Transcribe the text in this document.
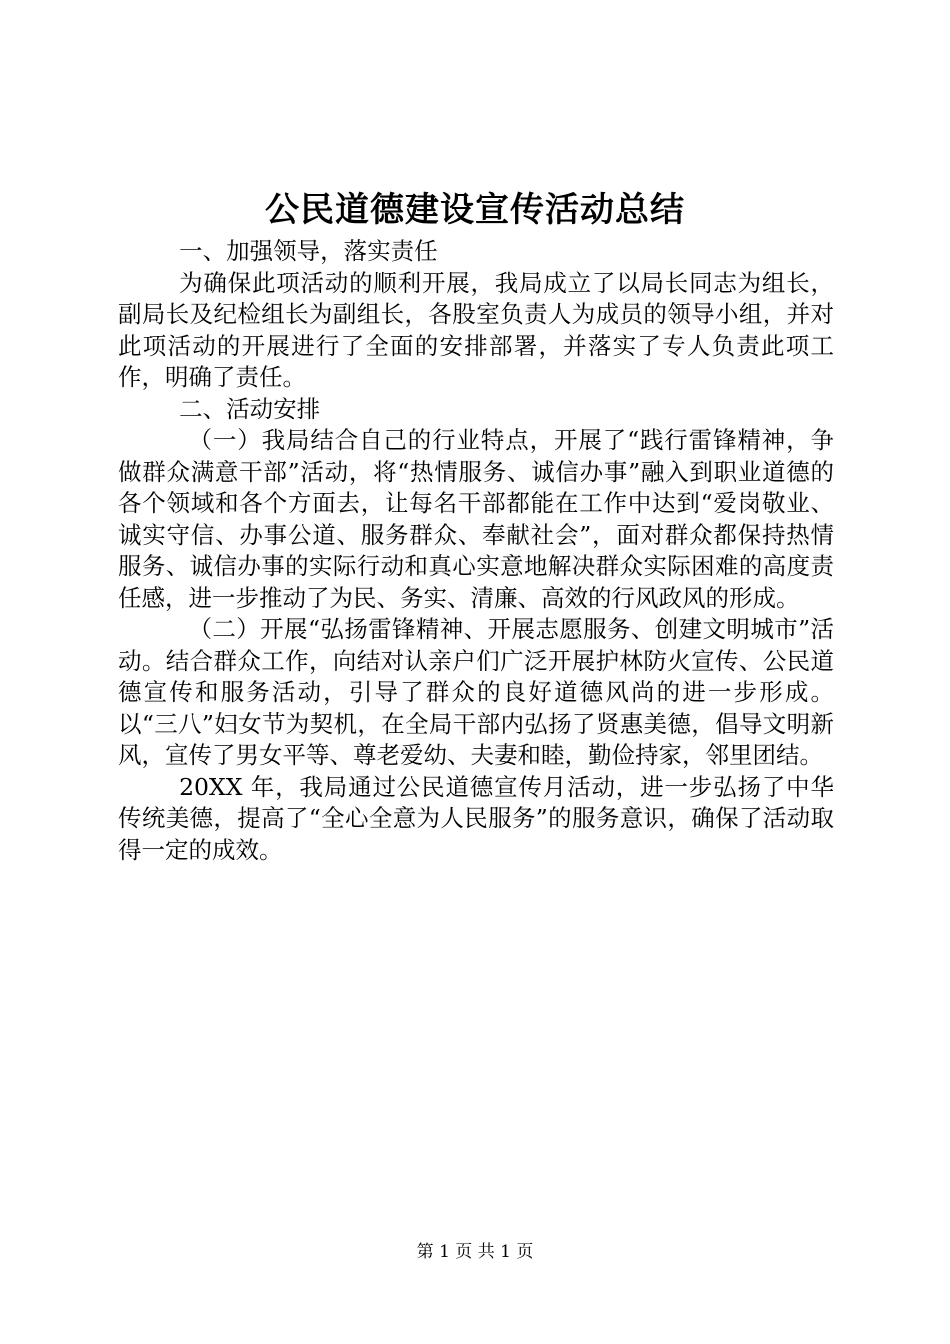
公民道德建设宣传活动总结

一、加强领导，落实责任

为确保此项活动的顺利开展，我局成立了以局长同志为组长，副局长及纪检组长为副组长，各股室负责人为成员的领导小组，并对此项活动的开展进行了全面的安排部署，并落实了专人负责此项工作，明确了责任。

二、活动安排

（一）我局结合自己的行业特点，开展了“践行雷锋精神，争做群众满意干部”活动，将“热情服务、诚信办事”融入到职业道德的各个领域和各个方面去，让每名干部都能在工作中达到“爱岗敬业、诚实守信、办事公道、服务群众、奉献社会”，面对群众都保持热情服务、诚信办事的实际行动和真心实意地解决群众实际困难的高度责任感，进一步推动了为民、务实、清廉、高效的行风政风的形成。

（二）开展“弘扬雷锋精神、开展志愿服务、创建文明城市”活动。结合群众工作，向结对认亲户们广泛开展护林防火宣传、公民道德宣传和服务活动，引导了群众的良好道德风尚的进一步形成。以“三八”妇女节为契机，在全局干部内弘扬了贤惠美德，倡导文明新风，宣传了男女平等、尊老爱幼、夫妻和睦，勤俭持家，邻里团结。

20XX 年，我局通过公民道德宣传月活动，进一步弘扬了中华传统美德，提高了“全心全意为人民服务”的服务意识，确保了活动取得一定的成效。

第 1 页 共 1 页
